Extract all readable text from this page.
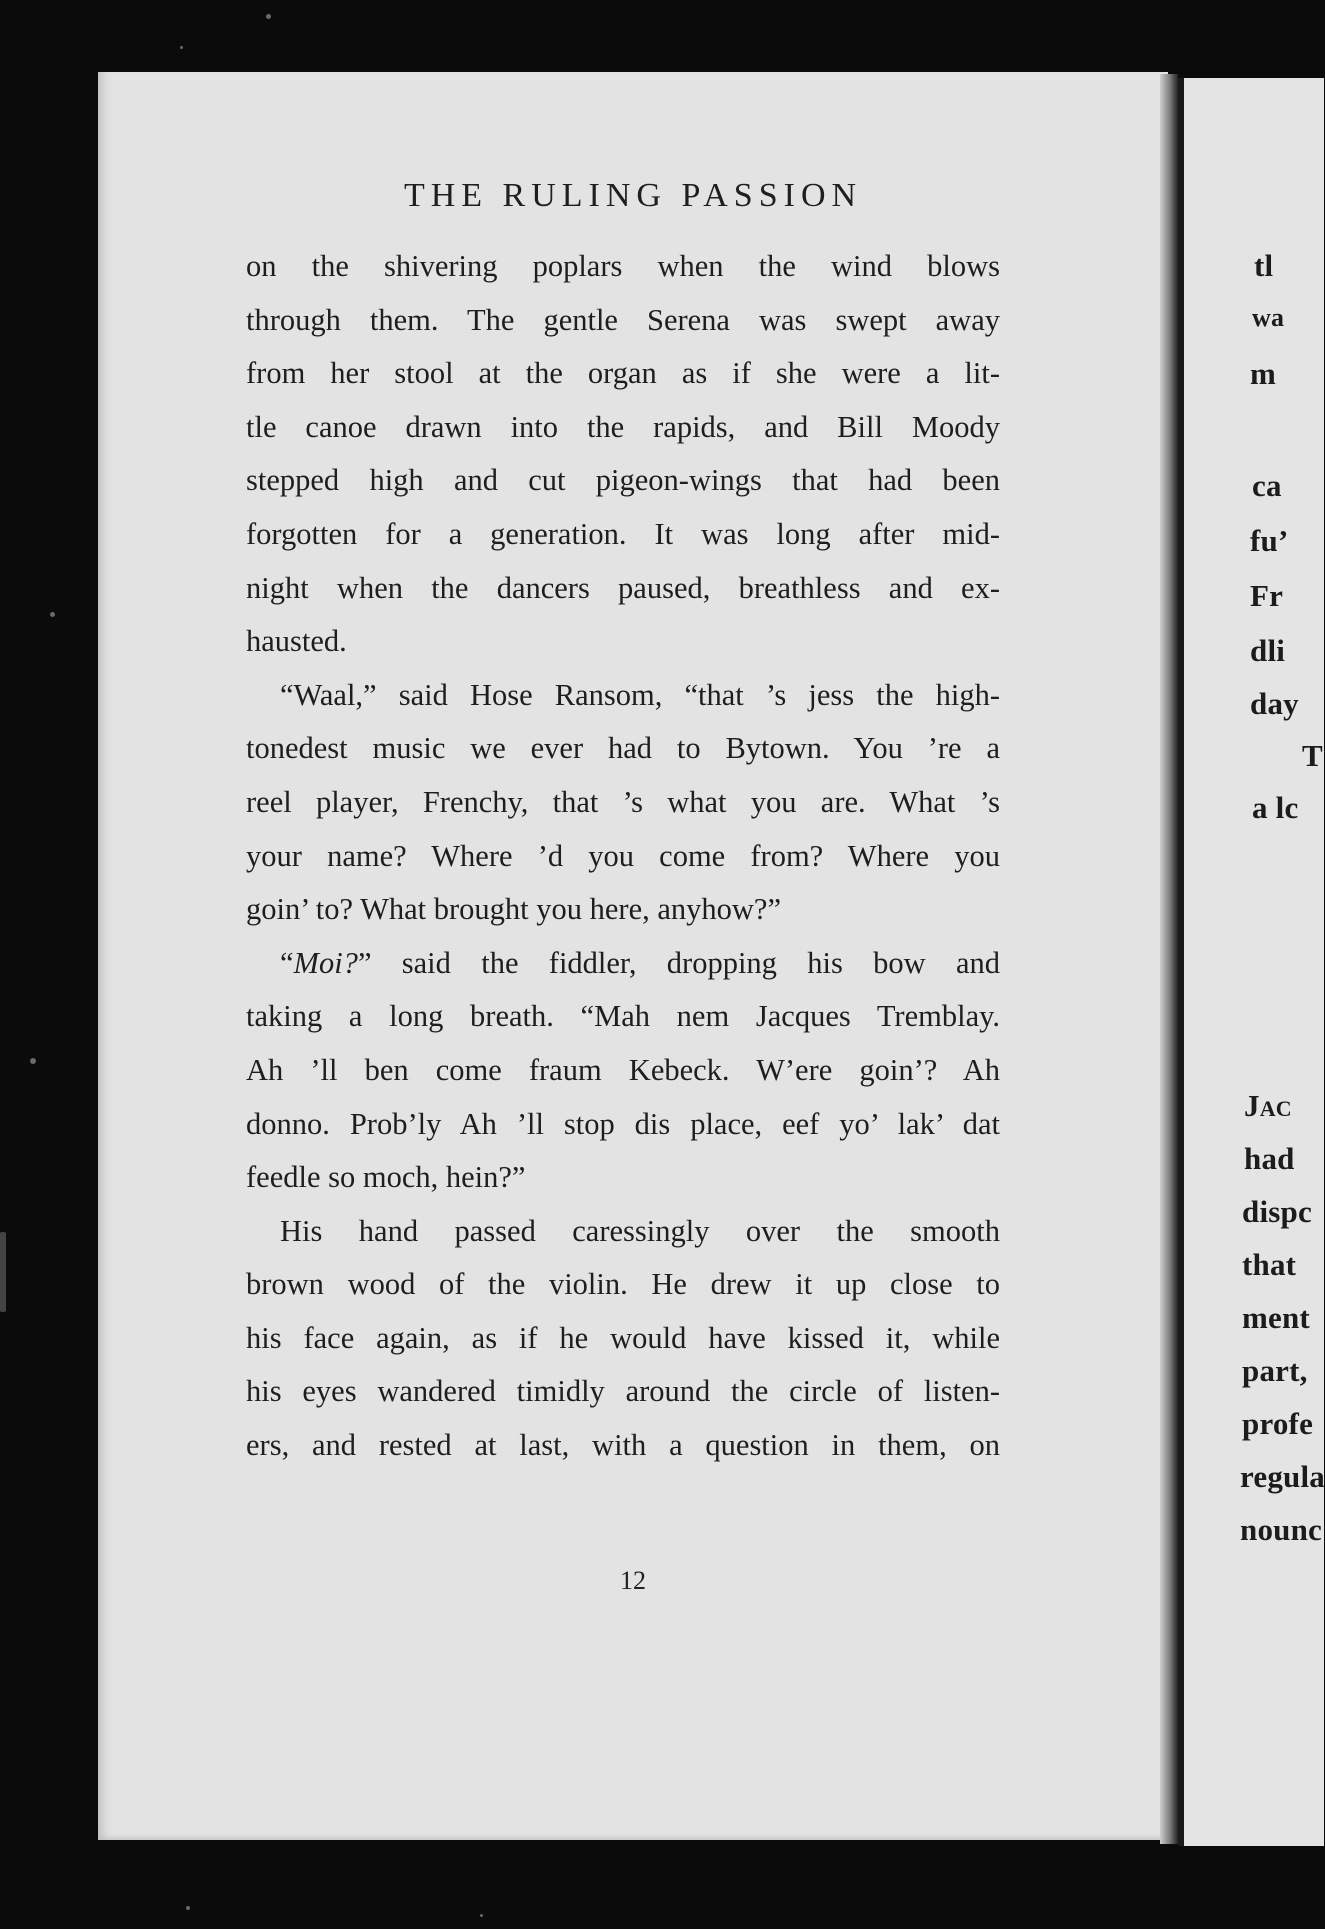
tl
wa
m
ca
fu’
Fr
dli
day
T
a lc
Jac
had
dispc
that
ment
part,
profe
regula
nounc
THE RULING PASSION
on the shivering poplars when the wind blows
through them. The gentle Serena was swept away
from her stool at the organ as if she were a lit-
tle canoe drawn into the rapids, and Bill Moody
stepped high and cut pigeon-wings that had been
forgotten for a generation. It was long after mid-
night when the dancers paused, breathless and ex-
hausted.
“Waal,” said Hose Ransom, “that ’s jess the high-
tonedest music we ever had to Bytown. You ’re a
reel player, Frenchy, that ’s what you are. What ’s
your name? Where ’d you come from? Where you
goin’ to? What brought you here, anyhow?”
“Moi?” said the fiddler, dropping his bow and
taking a long breath. “Mah nem Jacques Tremblay.
Ah ’ll ben come fraum Kebeck. W’ere goin’? Ah
donno. Prob’ly Ah ’ll stop dis place, eef yo’ lak’ dat
feedle so moch, hein?”
His hand passed caressingly over the smooth
brown wood of the violin. He drew it up close to
his face again, as if he would have kissed it, while
his eyes wandered timidly around the circle of listen-
ers, and rested at last, with a question in them, on
12
